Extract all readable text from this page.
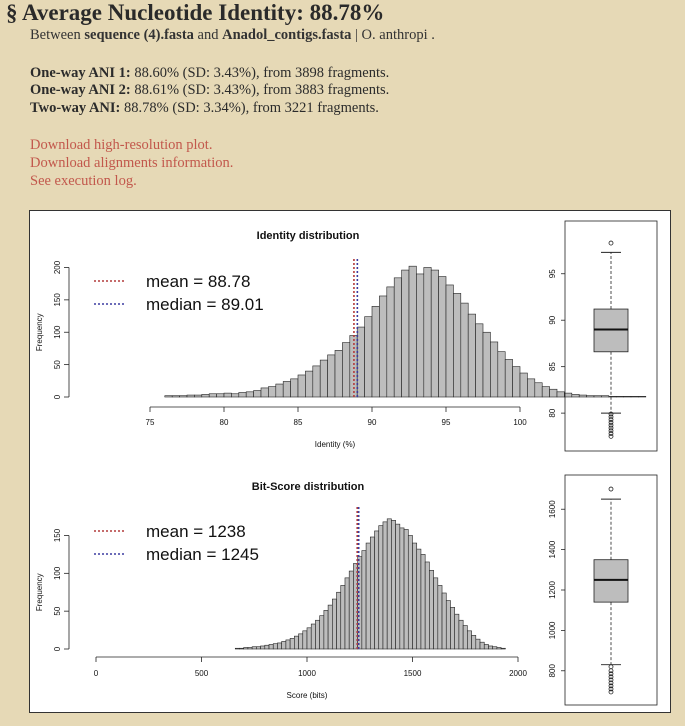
§ Average Nucleotide Identity: 88.78%
Between sequence (4).fasta and Anadol_contigs.fasta | O. anthropi .
One-way ANI 1: 88.60% (SD: 3.43%), from 3898 fragments.
One-way ANI 2: 88.61% (SD: 3.43%), from 3883 fragments.
Two-way ANI: 88.78% (SD: 3.34%), from 3221 fragments.
Download high-resolution plot.
Download alignments information.
See execution log.
Identity distribution
75	80	85	90	95	100
Identity (%)
0
50
100
150
200
Frequency
mean = 88.78
median = 89.01
80
85
90
95
Bit-Score distribution
0	500	1000	1500	2000
Score (bits)
0
50
100
150
Frequency
mean = 1238
median = 1245
800
1000
1200
1400
1600
